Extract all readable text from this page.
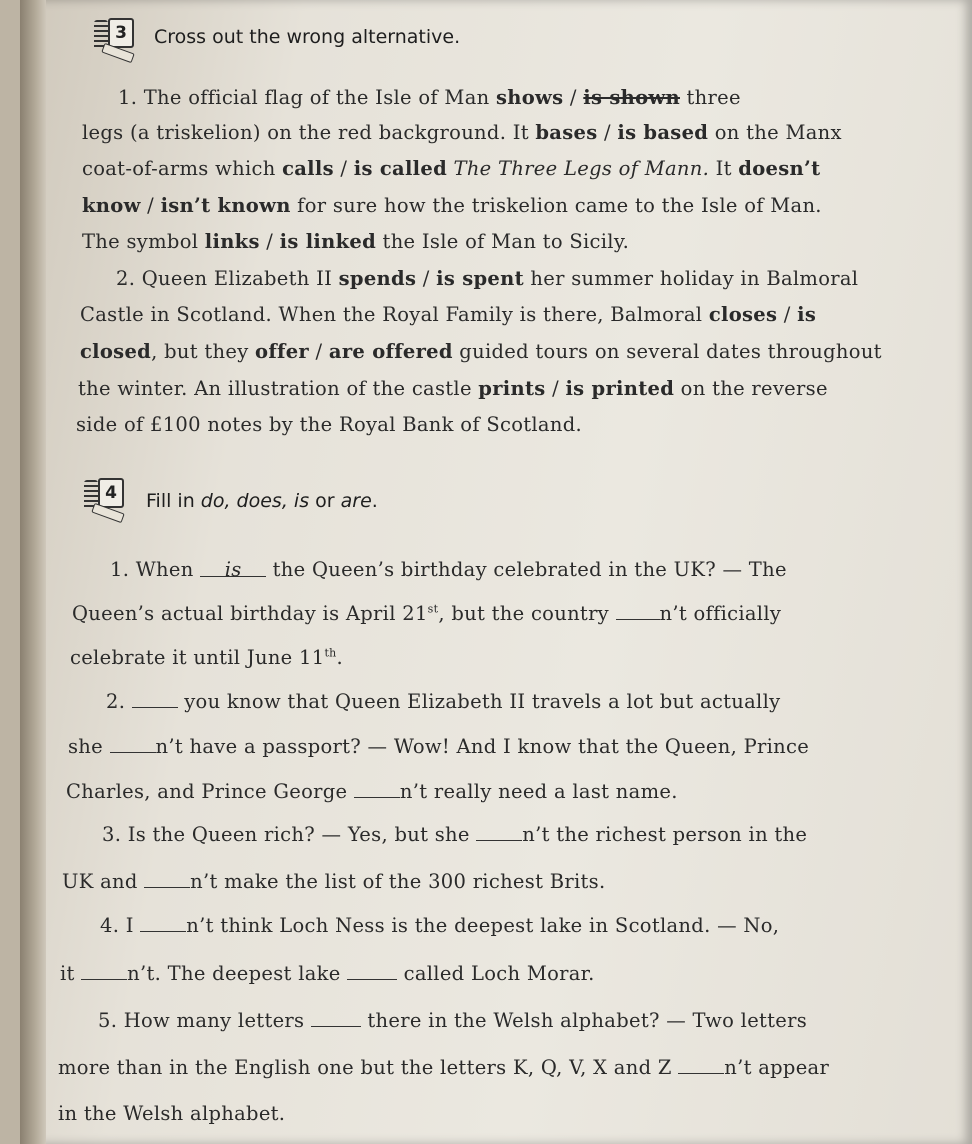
3	Cross out the wrong alternative.
1. The official flag of the Isle of Man shows / is shown three
legs (a triskelion) on the red background. It bases / is based on the Manx
coat-of-arms which calls / is called The Three Legs of Mann. It doesn’t
know / isn’t known for sure how the triskelion came to the Isle of Man.
The symbol links / is linked the Isle of Man to Sicily.
2. Queen Elizabeth II spends / is spent her summer holiday in Balmoral
Castle in Scotland. When the Royal Family is there, Balmoral closes / is
closed, but they offer / are offered guided tours on several dates throughout
the winter. An illustration of the castle prints / is printed on the reverse
side of £100 notes by the Royal Bank of Scotland.
4	Fill in do, does, is or are.
1. When is the Queen’s birthday celebrated in the UK? — The
Queen’s actual birthday is April 21st, but the country n’t officially
celebrate it until June 11th.
2.  you know that Queen Elizabeth II travels a lot but actually
she n’t have a passport? — Wow! And I know that the Queen, Prince
Charles, and Prince George n’t really need a last name.
3. Is the Queen rich? — Yes, but she n’t the richest person in the
UK and n’t make the list of the 300 richest Brits.
4. I n’t think Loch Ness is the deepest lake in Scotland. — No,
it n’t. The deepest lake	called Loch Morar.
5. How many letters	there in the Welsh alphabet? — Two letters
more than in the English one but the letters K, Q, V, X and Z n’t appear
in the Welsh alphabet.
